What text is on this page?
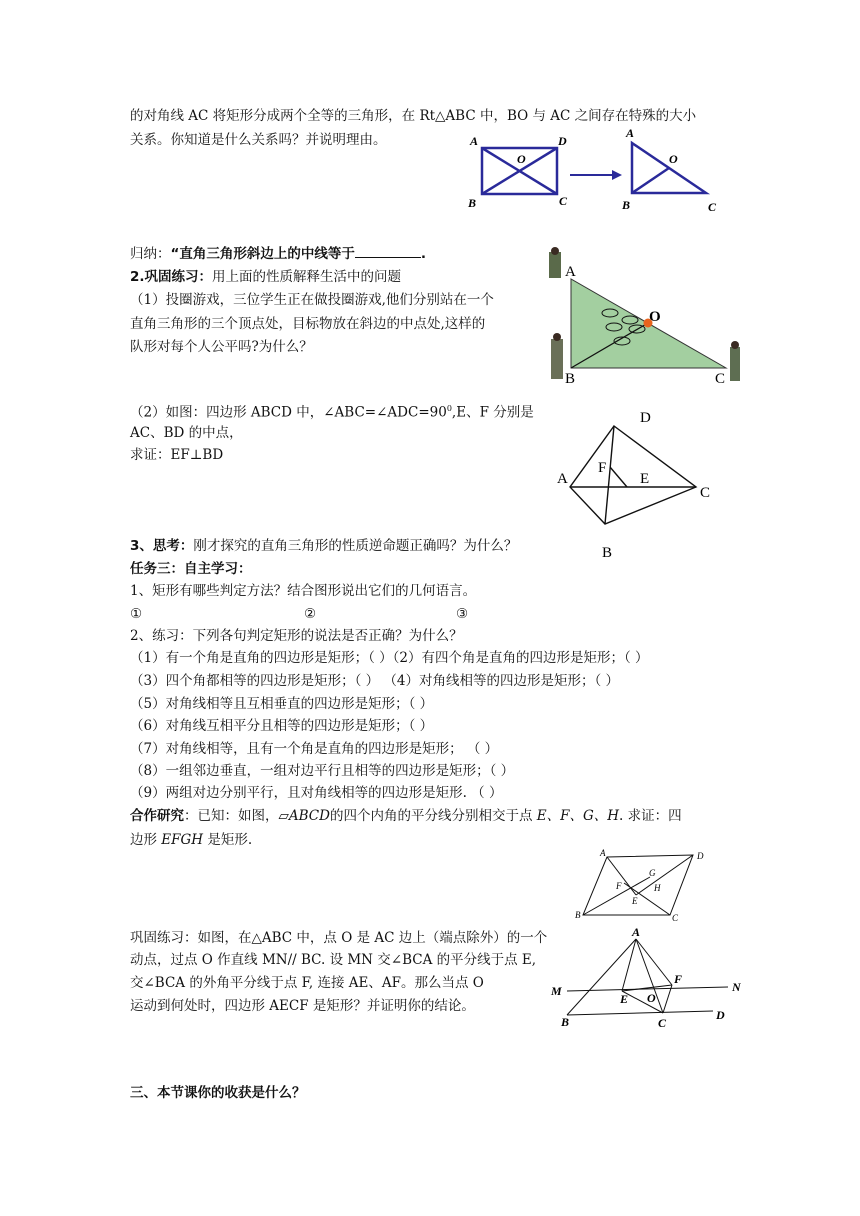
的对角线 AC 将矩形分成两个全等的三角形，在 Rt△ABC 中，BO 与 AC 之间存在特殊的大小
关系。你知道是什么关系吗？并说明理由。	A	D
O
B	C
A
O
B	C
归纳：“直角三角形斜边上的中线等于	.
2.巩固练习：用上面的性质解释生活中的问题
（1）投圈游戏，三位学生正在做投圈游戏,他们分别站在一个
直角三角形的三个顶点处，目标物放在斜边的中点处,这样的
队形对每个人公平吗?为什么？
A
O
B	C
（2）如图：四边形 ABCD 中，$\angle ABC=\angle ADC=90^0,E$、F 分别是
AC、BD 的中点，
求证：EF⊥BD
D
A
F
E
C
B
3、思考：刚才探究的直角三角形的性质逆命题正确吗？为什么？
任务三：自主学习：
1、矩形有哪些判定方法？结合图形说出它们的几何语言。
①	②	③
2、练习：下列各句判定矩形的说法是否正确？为什么？
（1）有一个角是直角的四边形是矩形；（ ）（2）有四个角是直角的四边形是矩形；（ ）
（3）四个角都相等的四边形是矩形；（ ） （4）对角线相等的四边形是矩形；（ ）
（5）对角线相等且互相垂直的四边形是矩形；（ ）
（6）对角线互相平分且相等的四边形是矩形；（ ）
（7）对角线相等，且有一个角是直角的四边形是矩形； （ ）
（8）一组邻边垂直，一组对边平行且相等的四边形是矩形；（ ）
（9）两组对边分别平行，且对角线相等的四边形是矩形. （ ）
合作研究：已知：如图，▱ABCD的四个内角的平分线分别相交于点 E、F、G、H. 求证：四
边形 EFGH 是矩形.
A	D
G
F	H
E
B	C
巩固练习：如图，在△ABC 中，点 O 是 AC 边上（端点除外）的一个
动点，过点 O 作直线 MN// BC. 设 MN 交∠BCA 的平分线于点 E,
交∠BCA 的外角平分线于点 F, 连接 AE、AF。那么当点 O
运动到何处时，四边形 AECF 是矩形？并证明你的结论。
A
F
M	N
E O
B	C
D
三、本节课你的收获是什么？
